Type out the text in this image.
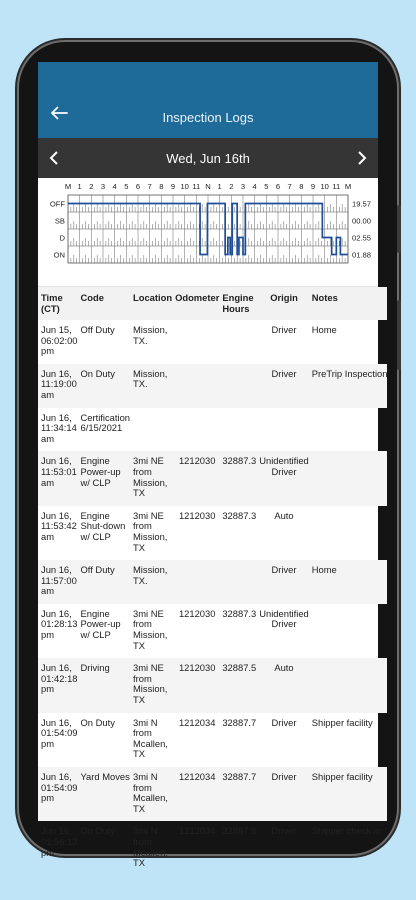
Inspection Logs
Wed, Jun 16th
M 1 2 3 4 5 6 7 8 9 10 11 N 1 2 3 4 5 6 7 8 9 10 11 M
OFF	19.57
SB	00.00
D	02.55
ON	01.88
Time (CT)	Code	Location	Odometer	Engine Hours	Origin	Notes
Jun 15, 06:02:00 pm	Off Duty	Mission, TX.			Driver	Home
Jun 16, 11:19:00 am	On Duty	Mission, TX.			Driver	PreTrip Inspection
Jun 16, 11:34:14 am	Certification 6/15/2021					
Jun 16, 11:53:01 am	Engine Power-up w/ CLP	3mi NE from Mission, TX	1212030	32887.3	Unidentified Driver	
Jun 16, 11:53:42 am	Engine Shut-down w/ CLP	3mi NE from Mission, TX	1212030	32887.3	Auto	
Jun 16, 11:57:00 am	Off Duty	Mission, TX.			Driver	Home
Jun 16, 01:28:13 pm	Engine Power-up w/ CLP	3mi NE from Mission, TX	1212030	32887.3	Unidentified Driver	
Jun 16, 01:42:18 pm	Driving	3mi NE from Mission, TX	1212030	32887.5	Auto	
Jun 16, 01:54:09 pm	On Duty	3mi N from Mcallen, TX	1212034	32887.7	Driver	Shipper facility
Jun 16, 01:54:09 pm	Yard Moves	3mi N from Mcallen, TX	1212034	32887.7	Driver	Shipper facility
Jun 16, 01:56:13 pm	On Duty	3mi N from Mcallen, TX	1212034	32887.8	Driver	Shipper check in
